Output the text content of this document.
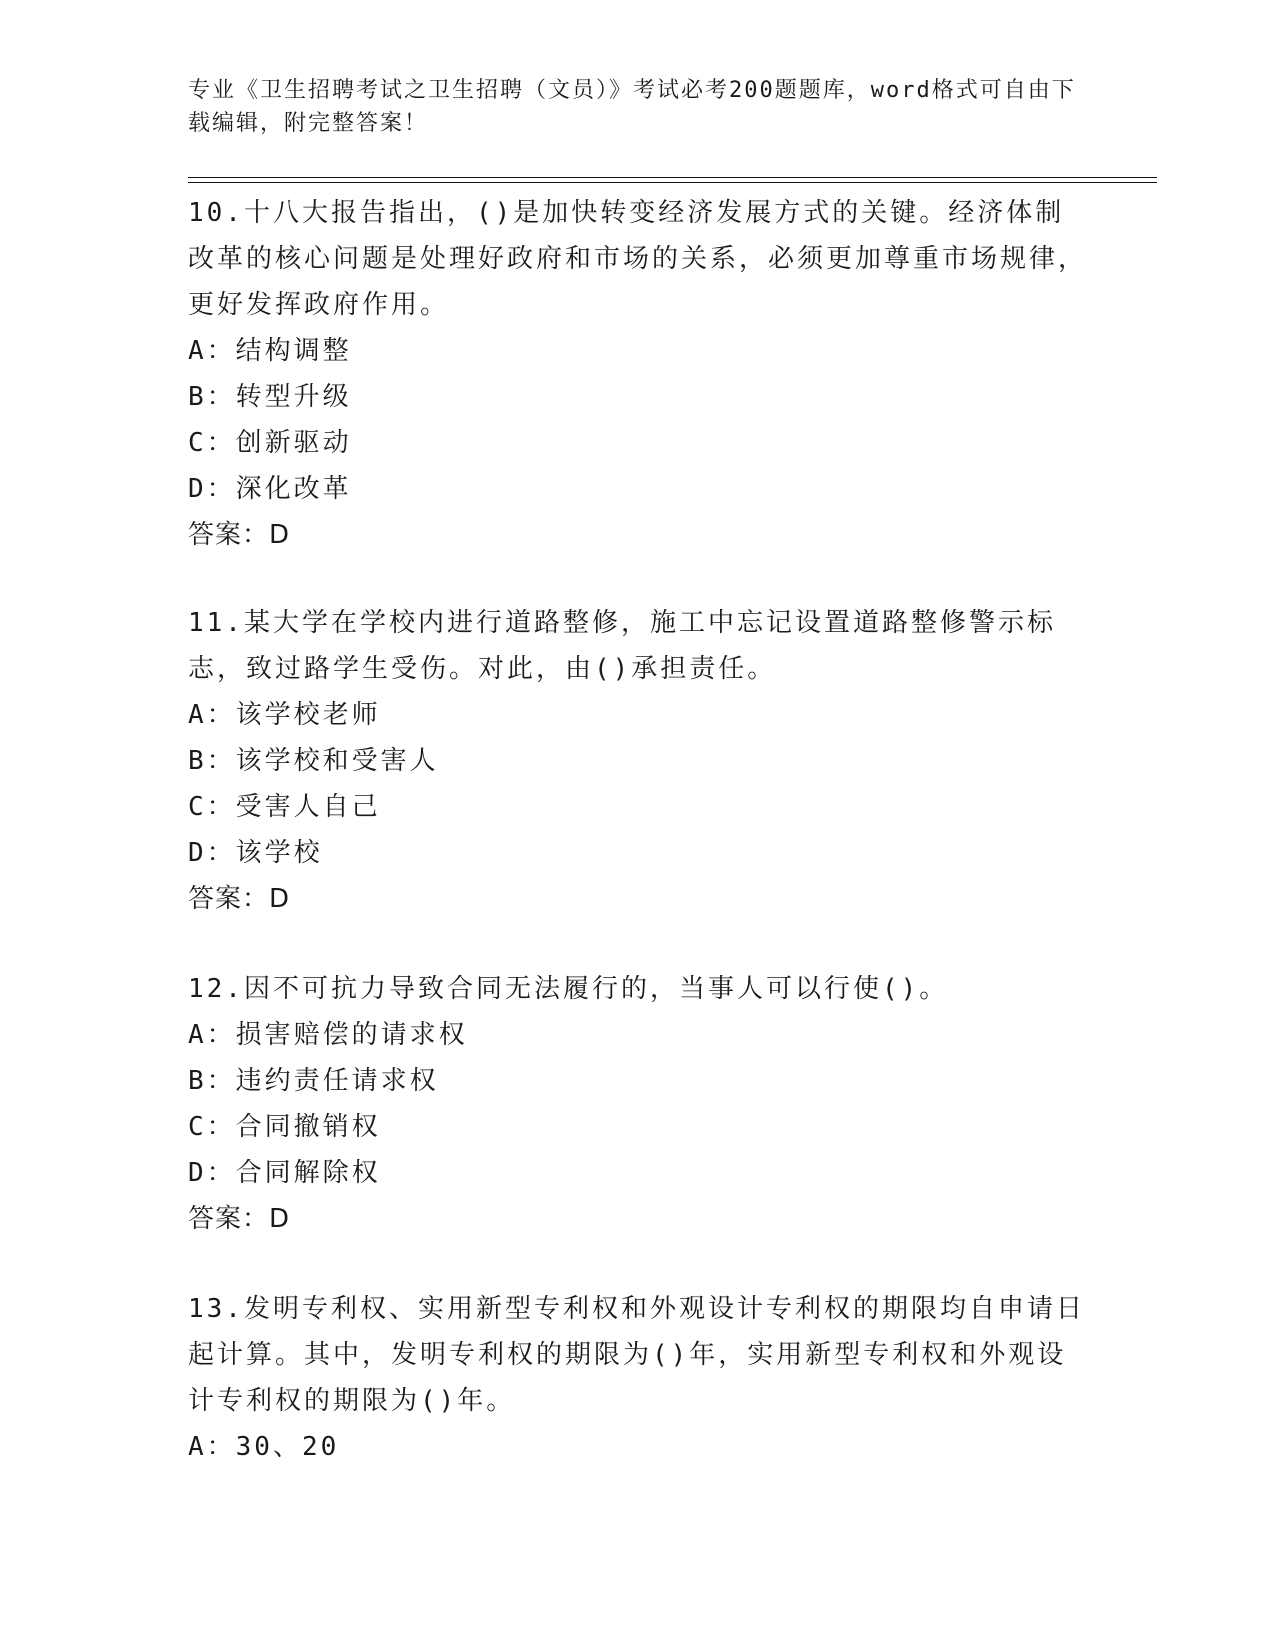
专业《卫生招聘考试之卫生招聘（文员）》考试必考200题题库，word格式可自由下载编辑，附完整答案！
10.十八大报告指出，()是加快转变经济发展方式的关键。经济体制改革的核心问题是处理好政府和市场的关系，必须更加尊重市场规律，更好发挥政府作用。
A：结构调整
B：转型升级
C：创新驱动
D：深化改革
答案：D
11.某大学在学校内进行道路整修，施工中忘记设置道路整修警示标志，致过路学生受伤。对此，由()承担责任。
A：该学校老师
B：该学校和受害人
C：受害人自己
D：该学校
答案：D
12.因不可抗力导致合同无法履行的，当事人可以行使()。
A：损害赔偿的请求权
B：违约责任请求权
C：合同撤销权
D：合同解除权
答案：D
13.发明专利权、实用新型专利权和外观设计专利权的期限均自申请日起计算。其中，发明专利权的期限为()年，实用新型专利权和外观设计专利权的期限为()年。
A：30、20
